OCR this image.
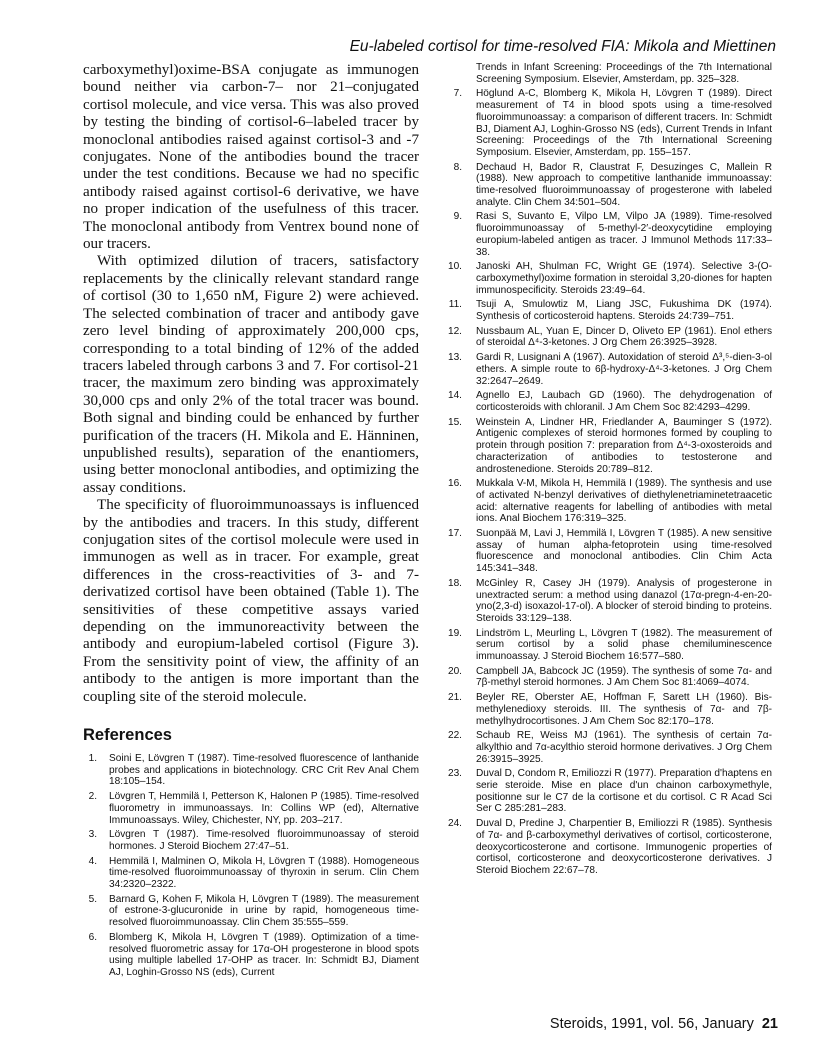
Eu-labeled cortisol for time-resolved FIA: Mikola and Miettinen

carboxymethyl)oxime-BSA conjugate as immunogen bound neither via carbon-7– nor 21–conjugated cortisol molecule, and vice versa. This was also proved by testing the binding of cortisol-6–labeled tracer by monoclonal antibodies raised against cortisol-3 and -7 conjugates. None of the antibodies bound the tracer under the test conditions. Because we had no specific antibody raised against cortisol-6 derivative, we have no proper indication of the usefulness of this tracer. The monoclonal antibody from Ventrex bound none of our tracers.

With optimized dilution of tracers, satisfactory replacements by the clinically relevant standard range of cortisol (30 to 1,650 nM, Figure 2) were achieved. The selected combination of tracer and antibody gave zero level binding of approximately 200,000 cps, corresponding to a total binding of 12% of the added tracers labeled through carbons 3 and 7. For cortisol-21 tracer, the maximum zero binding was approximately 30,000 cps and only 2% of the total tracer was bound. Both signal and binding could be enhanced by further purification of the tracers (H. Mikola and E. Hänninen, unpublished results), separation of the enantiomers, using better monoclonal antibodies, and optimizing the assay conditions.

The specificity of fluoroimmunoassays is influenced by the antibodies and tracers. In this study, different conjugation sites of the cortisol molecule were used in immunogen as well as in tracer. For example, great differences in the cross-reactivities of 3- and 7-derivatized cortisol have been obtained (Table 1). The sensitivities of these competitive assays varied depending on the immunoreactivity between the antibody and europium-labeled cortisol (Figure 3). From the sensitivity point of view, the affinity of an antibody to the antigen is more important than the coupling site of the steroid molecule.

References
1. Soini E, Lövgren T (1987). Time-resolved fluorescence of lanthanide probes and applications in biotechnology. CRC Crit Rev Anal Chem 18:105–154.
2. Lövgren T, Hemmilä I, Petterson K, Halonen P (1985). Time-resolved fluorometry in immunoassays. In: Collins WP (ed), Alternative Immunoassays. Wiley, Chichester, NY, pp. 203–217.
3. Lövgren T (1987). Time-resolved fluoroimmunoassay of steroid hormones. J Steroid Biochem 27:47–51.
4. Hemmilä I, Malminen O, Mikola H, Lövgren T (1988). Homogeneous time-resolved fluoroimmunoassay of thyroxin in serum. Clin Chem 34:2320–2322.
5. Barnard G, Kohen F, Mikola H, Lövgren T (1989). The measurement of estrone-3-glucuronide in urine by rapid, homogeneous time-resolved fluoroimmunoassay. Clin Chem 35:555–559.
6. Blomberg K, Mikola H, Lövgren T (1989). Optimization of a time-resolved fluorometric assay for 17α-OH progesterone in blood spots using multiple labelled 17-OHP as tracer. In: Schmidt BJ, Diament AJ, Loghin-Grosso NS (eds), Current
Trends in Infant Screening: Proceedings of the 7th International Screening Symposium. Elsevier, Amsterdam, pp. 325–328.
7. Höglund A-C, Blomberg K, Mikola H, Lövgren T (1989). Direct measurement of T4 in blood spots using a time-resolved fluoroimmunoassay: a comparison of different tracers. In: Schmidt BJ, Diament AJ, Loghin-Grosso NS (eds), Current Trends in Infant Screening: Proceedings of the 7th International Screening Symposium. Elsevier, Amsterdam, pp. 155–157.
8. Dechaud H, Bador R, Claustrat F, Desuzinges C, Mallein R (1988). New approach to competitive lanthanide immunoassay: time-resolved fluoroimmunoassay of progesterone with labeled analyte. Clin Chem 34:501–504.
9. Rasi S, Suvanto E, Vilpo LM, Vilpo JA (1989). Time-resolved fluoroimmunoassay of 5-methyl-2′-deoxycytidine employing europium-labeled antigen as tracer. J Immunol Methods 117:33–38.
10. Janoski AH, Shulman FC, Wright GE (1974). Selective 3-(O-carboxymethyl)oxime formation in steroidal 3,20-diones for hapten immunospecificity. Steroids 23:49–64.
11. Tsuji A, Smulowtiz M, Liang JSC, Fukushima DK (1974). Synthesis of corticosteroid haptens. Steroids 24:739–751.
12. Nussbaum AL, Yuan E, Dincer D, Oliveto EP (1961). Enol ethers of steroidal Δ⁴-3-ketones. J Org Chem 26:3925–3928.
13. Gardi R, Lusignani A (1967). Autoxidation of steroid Δ³,⁵-dien-3-ol ethers. A simple route to 6β-hydroxy-Δ⁴-3-ketones. J Org Chem 32:2647–2649.
14. Agnello EJ, Laubach GD (1960). The dehydrogenation of corticosteroids with chloranil. J Am Chem Soc 82:4293–4299.
15. Weinstein A, Lindner HR, Friedlander A, Bauminger S (1972). Antigenic complexes of steroid hormones formed by coupling to protein through position 7: preparation from Δ⁴-3-oxosteroids and characterization of antibodies to testosterone and androstenedione. Steroids 20:789–812.
16. Mukkala V-M, Mikola H, Hemmilä I (1989). The synthesis and use of activated N-benzyl derivatives of diethylenetriaminetetraacetic acid: alternative reagents for labelling of antibodies with metal ions. Anal Biochem 176:319–325.
17. Suonpää M, Lavi J, Hemmilä I, Lövgren T (1985). A new sensitive assay of human alpha-fetoprotein using time-resolved fluorescence and monoclonal antibodies. Clin Chim Acta 145:341–348.
18. McGinley R, Casey JH (1979). Analysis of progesterone in unextracted serum: a method using danazol (17α-pregn-4-en-20-yno(2,3-d) isoxazol-17-ol). A blocker of steroid binding to proteins. Steroids 33:129–138.
19. Lindström L, Meurling L, Lövgren T (1982). The measurement of serum cortisol by a solid phase chemiluminescence immunoassay. J Steroid Biochem 16:577–580.
20. Campbell JA, Babcock JC (1959). The synthesis of some 7α- and 7β-methyl steroid hormones. J Am Chem Soc 81:4069–4074.
21. Beyler RE, Oberster AE, Hoffman F, Sarett LH (1960). Bis-methylenedioxy steroids. III. The synthesis of 7α- and 7β-methylhydrocortisones. J Am Chem Soc 82:170–178.
22. Schaub RE, Weiss MJ (1961). The synthesis of certain 7α-alkylthio and 7α-acylthio steroid hormone derivatives. J Org Chem 26:3915–3925.
23. Duval D, Condom R, Emiliozzi R (1977). Preparation d'haptens en serie steroide. Mise en place d'un chainon carboxymethyle, positionne sur le C7 de la cortisone et du cortisol. C R Acad Sci Ser C 285:281–283.
24. Duval D, Predine J, Charpentier B, Emiliozzi R (1985). Synthesis of 7α- and β-carboxymethyl derivatives of cortisol, corticosterone, deoxycorticosterone and cortisone. Immunogenic properties of cortisol, corticosterone and deoxycorticosterone derivatives. J Steroid Biochem 22:67–78.
Steroids, 1991, vol. 56, January 21
